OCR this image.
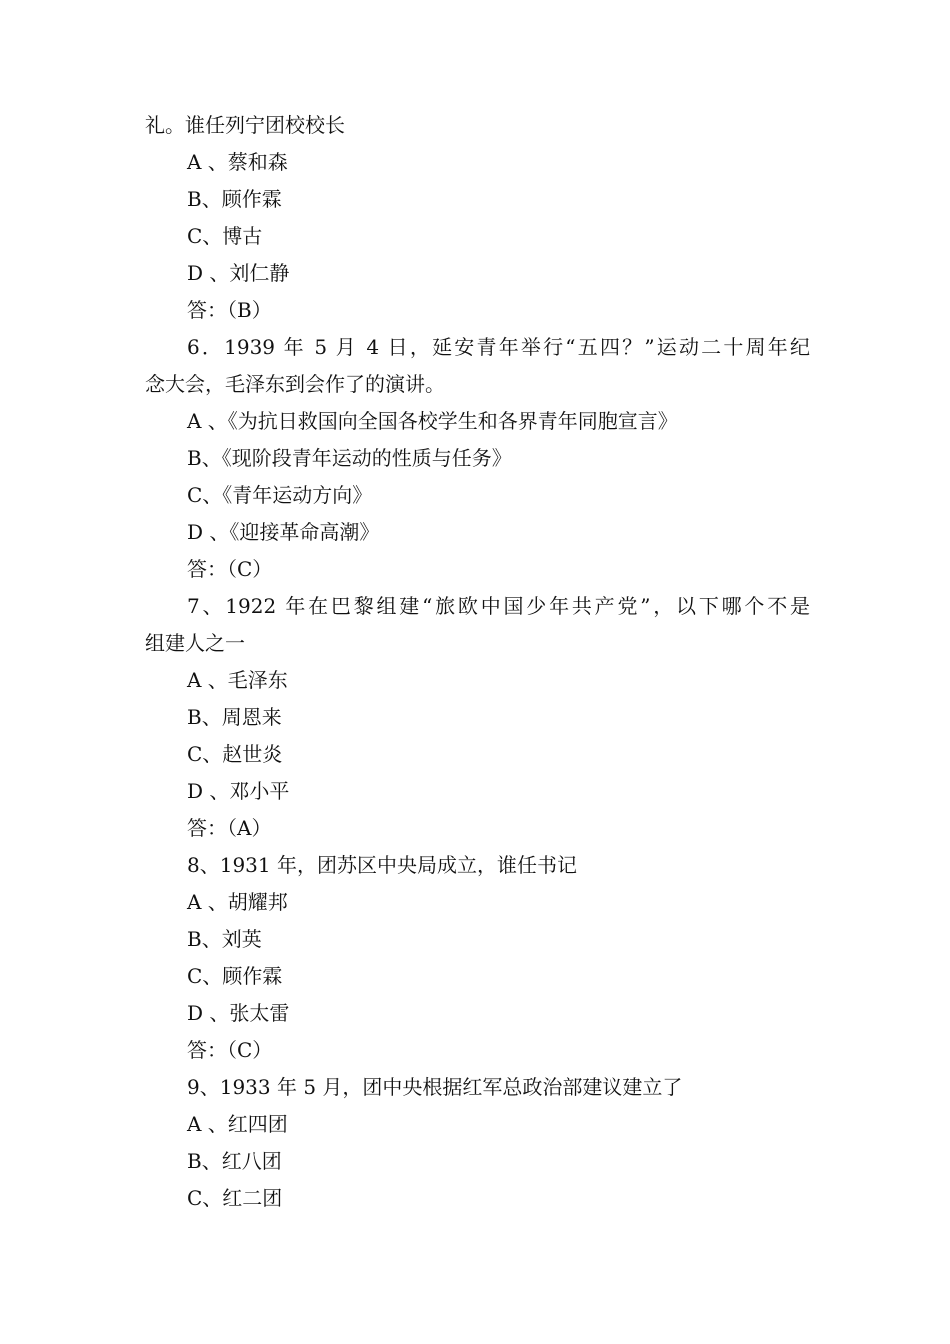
礼。谁任列宁团校校长
A 、蔡和森
B、顾作霖
C、博古
D 、刘仁静
答：（B）
6．1939 年 5 月 4 日，延安青年举行“五四？”运动二十周年纪
念大会，毛泽东到会作了的演讲。
A 、《为抗日救国向全国各校学生和各界青年同胞宣言》
B、《现阶段青年运动的性质与任务》
C、《青年运动方向》
D 、《迎接革命高潮》
答：（C）
7、1922 年在巴黎组建“旅欧中国少年共产党”，以下哪个不是
组建人之一
A 、毛泽东
B、周恩来
C、赵世炎
D 、邓小平
答：（A）
8、1931 年，团苏区中央局成立，谁任书记
A 、胡耀邦
B、刘英
C、顾作霖
D 、张太雷
答：（C）
9、1933 年 5 月，团中央根据红军总政治部建议建立了
A 、红四团
B、红八团
C、红二团
